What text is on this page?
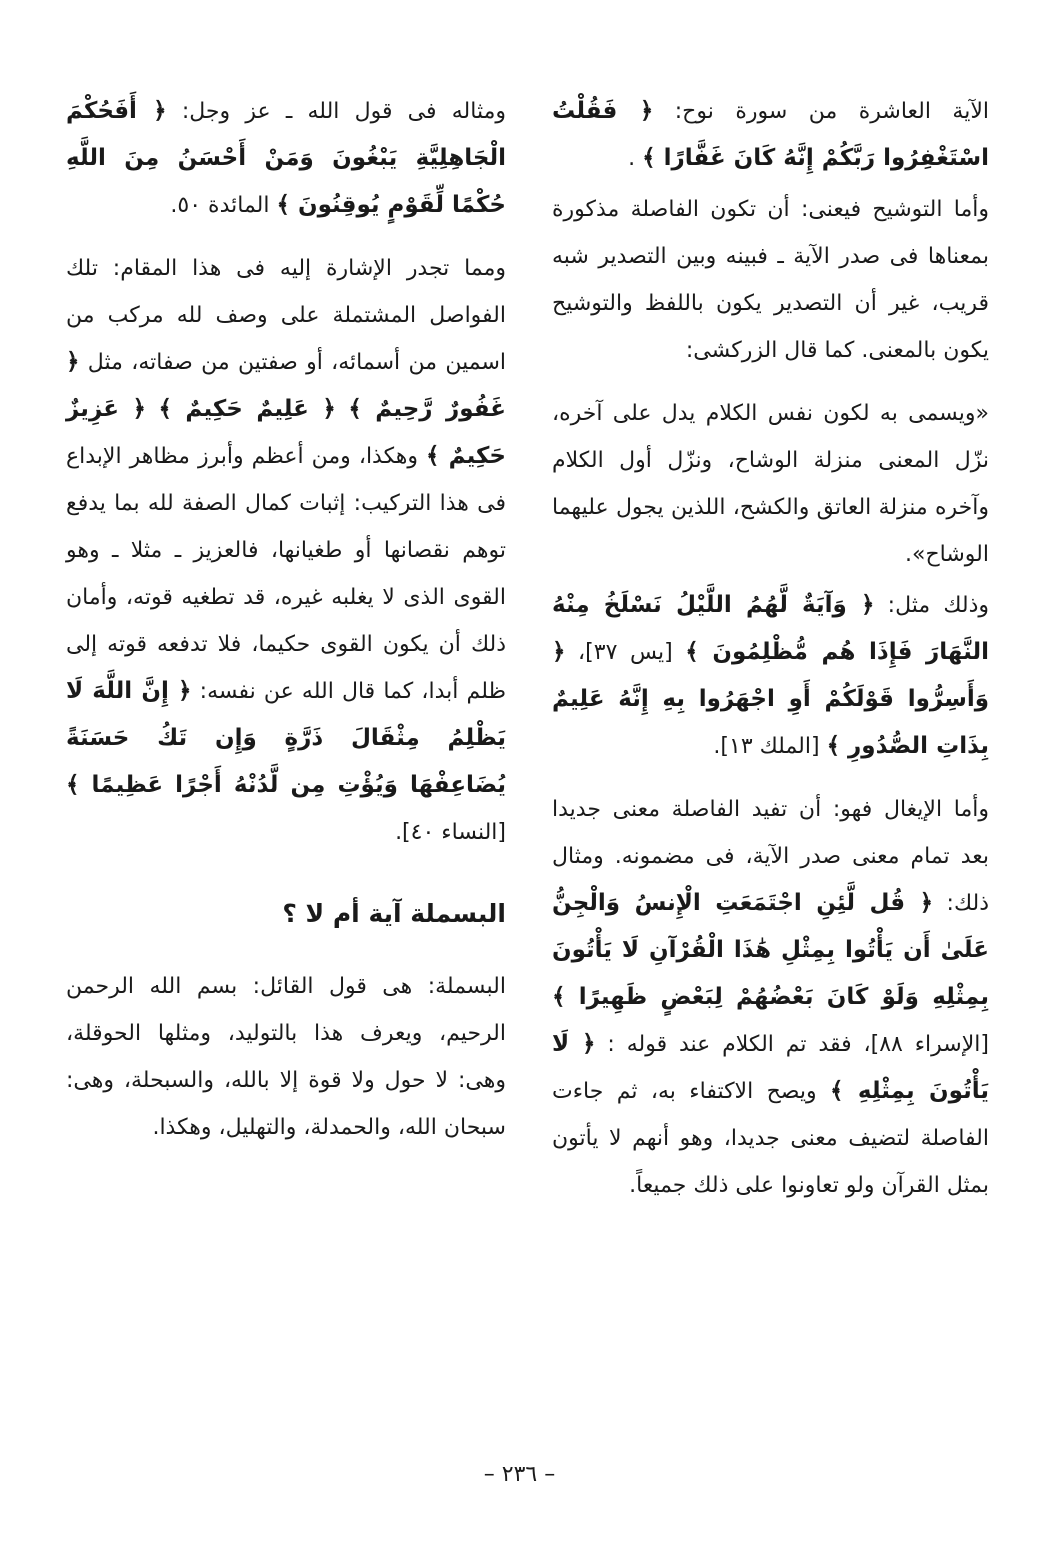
الآية العاشرة من سورة نوح: ﴿ فَقُلْتُ اسْتَغْفِرُوا رَبَّكُمْ إِنَّهُ كَانَ غَفَّارًا ﴾ .

وأما التوشيح فيعنى: أن تكون الفاصلة مذكورة بمعناها فى صدر الآية ـ فبينه وبين التصدير شبه قريب، غير أن التصدير يكون باللفظ والتوشيح يكون بالمعنى. كما قال الزركشى:

«ويسمى به لكون نفس الكلام يدل على آخره، نزّل المعنى منزلة الوشاح، ونزّل أول الكلام وآخره منزلة العاتق والكشح، اللذين يجول عليهما الوشاح».

وذلك مثل: ﴿ وَآيَةٌ لَّهُمُ اللَّيْلُ نَسْلَخُ مِنْهُ النَّهَارَ فَإِذَا هُم مُّظْلِمُونَ ﴾ [يس ٣٧]، ﴿ وَأَسِرُّوا قَوْلَكُمْ أَوِ اجْهَرُوا بِهِ إِنَّهُ عَلِيمٌ بِذَاتِ الصُّدُورِ ﴾ [الملك ١٣].

وأما الإيغال فهو: أن تفيد الفاصلة معنى جديدا بعد تمام معنى صدر الآية، فى مضمونه. ومثال ذلك: ﴿ قُل لَّئِنِ اجْتَمَعَتِ الْإِنسُ وَالْجِنُّ عَلَىٰ أَن يَأْتُوا بِمِثْلِ هَٰذَا الْقُرْآنِ لَا يَأْتُونَ بِمِثْلِهِ وَلَوْ كَانَ بَعْضُهُمْ لِبَعْضٍ ظَهِيرًا ﴾ [الإسراء ٨٨]، فقد تم الكلام عند قوله : ﴿ لَا يَأْتُونَ بِمِثْلِهِ ﴾ ويصح الاكتفاء به، ثم جاءت الفاصلة لتضيف معنى جديدا، وهو أنهم لا يأتون بمثل القرآن ولو تعاونوا على ذلك جميعاً.

ومثاله فى قول الله ـ عز وجل: ﴿ أَفَحُكْمَ الْجَاهِلِيَّةِ يَبْغُونَ وَمَنْ أَحْسَنُ مِنَ اللَّهِ حُكْمًا لِّقَوْمٍ يُوقِنُونَ ﴾ المائدة ٥٠.

ومما تجدر الإشارة إليه فى هذا المقام: تلك الفواصل المشتملة على وصف لله مركب من اسمين من أسمائه، أو صفتين من صفاته، مثل ﴿ غَفُورٌ رَّحِيمٌ ﴾ ﴿ عَلِيمٌ حَكِيمٌ ﴾ ﴿ عَزِيزٌ حَكِيمٌ ﴾ وهكذا، ومن أعظم وأبرز مظاهر الإبداع فى هذا التركيب: إثبات كمال الصفة لله بما يدفع توهم نقصانها أو طغيانها، فالعزيز ـ مثلا ـ وهو القوى الذى لا يغلبه غيره، قد تطغيه قوته، وأمان ذلك أن يكون القوى حكيما، فلا تدفعه قوته إلى ظلم أبدا، كما قال الله عن نفسه: ﴿ إِنَّ اللَّهَ لَا يَظْلِمُ مِثْقَالَ ذَرَّةٍ وَإِن تَكُ حَسَنَةً يُضَاعِفْهَا وَيُؤْتِ مِن لَّدُنْهُ أَجْرًا عَظِيمًا ﴾ [النساء ٤٠].

البسملة آية أم لا ؟

البسملة: هى قول القائل: بسم الله الرحمن الرحيم، ويعرف هذا بالتوليد، ومثلها الحوقلة، وهى: لا حول ولا قوة إلا بالله، والسبحلة، وهى: سبحان الله، والحمدلة، والتهليل، وهكذا.

– ٢٣٦ –
